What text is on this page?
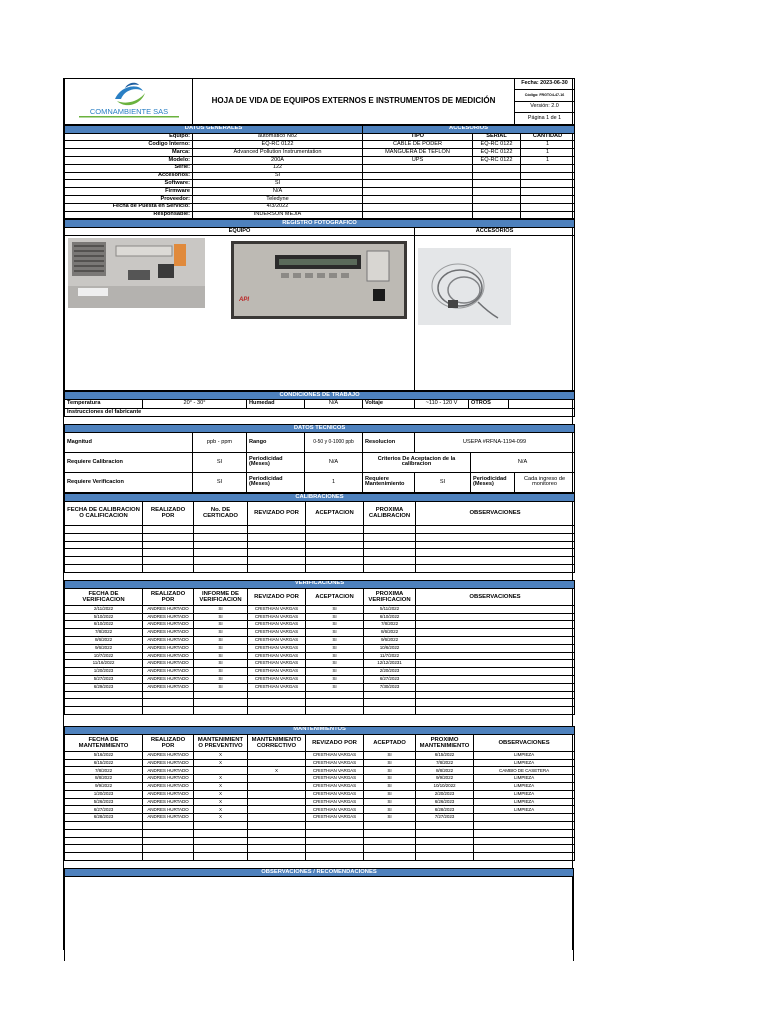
COMNAMBIENTE SAS
	HOJA DE VIDA DE EQUIPOS EXTERNOS E INSTRUMENTOS DE MEDICIÓN	Fecha: 2023-06-30
Código: FRGTO4-47-16
Versión: 2.0
Página 1 de 1
DATOS GENERALES		ACCESORIOS		
Equipo:	automatico No2	TIPO	SERIAL	CANTIDAD
Codigo Interno:	EQ-RC 0122	CABLE DE PODER	EQ-RC 0122	1
Marca:	Advanced Pollution Instrumentation	MANGUERA DE TEFLON	EQ-RC 0122	1
Modelo:	200A	UPS	EQ-RC 0122	1
Serie:	122			
Accesorios:	SI			
Software:	SI			
Firmware	N/A			
Proveedor:	Teledyne			
Fecha de Puesta en Servicio:	4/3/2022			
Responsable:	INDERSON MEJIA			
REGISTRO FOTOGRAFICO	
EQUIPO	ACCESORIOS

API

CONDICIONES DE TRABAJO
Temperatura	20° - 30°	Humedad	N/A	Voltaje	~110 - 120 V	OTROS	
Instrucciones del fabricante
DATOS TECNICOS							
Magnitud	ppb - ppm	Rango	0-50 y 0-1000 ppb	Resolucion	USEPA #RFNA-1194-099		
Requiere Calibracion	SI	Periodicidad (Meses)	N/A	Criterios De Aceptacion de la calibracion		N/A	
Requiere Verificacion	SI	Periodicidad (Meses)	1	Requiere Mantenimiento	SI	Periodicidad (Meses)	Cada ingreso de monitoreo
CALIBRACIONES						
FECHA DE CALIBRACION O CALIFICACION	REALIZADO POR	No. DE CERTICADO	REVIZADO POR	ACEPTACION	PROXIMA CALIBRACION	OBSERVACIONES

VERIFICACIONES						
FECHA DE VERIFICACION	REALIZADO POR	INFORME DE VERIFICACION	REVIZADO POR	ACEPTACION	PROXIMA VERIFICACION	OBSERVACIONES
2/11/2022	ANDRES HURTADO	SI	CRISTHIAN VARGAS	SI	5/11/2022	
5/10/2022	ANDRES HURTADO	SI	CRISTHIAN VARGAS	SI	6/10/2022	
6/10/2022	ANDRES HURTADO	SI	CRISTHIAN VARGAS	SI	7/8/2022	
7/8/2022	ANDRES HURTADO	SI	CRISTHIAN VARGAS	SI	8/6/2022	
8/6/2022	ANDRES HURTADO	SI	CRISTHIAN VARGAS	SI	9/6/2022	
9/6/2022	ANDRES HURTADO	SI	CRISTHIAN VARGAS	SI	10/6/2022	
10/7/2022	ANDRES HURTADO	SI	CRISTHIAN VARGAS	SI	11/7/2022	
11/16/2022	ANDRES HURTADO	SI	CRISTHIAN VARGAS	SI	12/12/20231	
1/20/2023	ANDRES HURTADO	SI	CRISTHIAN VARGAS	SI	2/20/2023	
5/27/2023	ANDRES HURTADO	SI	CRISTHIAN VARGAS	SI	6/27/2023	
6/29/2023	ANDRES HURTADO	SI	CRISTHIAN VARGAS	SI	7/30/2023	

MANTENIMIENTOS							
FECHA DE MANTENIMIENTO	REALIZADO POR	MANTENIMIENT O PREVENTIVO	MANTENIMIENTO CORRECTIVO	REVIZADO POR	ACEPTADO	PROXIMO MANTENIMIENTO	OBSERVACIONES
5/16/2022	ANDRES HURTADO	X		CRISTHIAN VARGAS	SI	6/15/2022	LIMPIEZA
6/15/2022	ANDRES HURTADO	X		CRISTHIAN VARGAS	SI	7/8/2022	LIMPIEZA
7/8/2022	ANDRES HURTADO		X	CRISTHIAN VARGAS	SI	8/8/2022	CAMBIO DE CASETERA
8/8/2022	ANDRES HURTADO	X		CRISTHIAN VARGAS	SI	9/9/2022	LIMPIEZA
9/9/2022	ANDRES HURTADO	X		CRISTHIAN VARGAS	SI	10/10/2022	LIMPIEZA
1/20/2023	ANDRES HURTADO	X		CRISTHIAN VARGAS	SI	2/20/2023	LIMPIEZA
5/26/2023	ANDRES HURTADO	X		CRISTHIAN VARGAS	SI	6/26/2023	LIMPIEZA
6/27/2023	ANDRES HURTADO	X		CRISTHIAN VARGAS	SI	6/28/2023	LIMPIEZA
6/28/2023	ANDRES HURTADO	X		CRISTHIAN VARGAS	SI	7/27/2023	

OBSERVACIONES / RECOMENDACIONES
